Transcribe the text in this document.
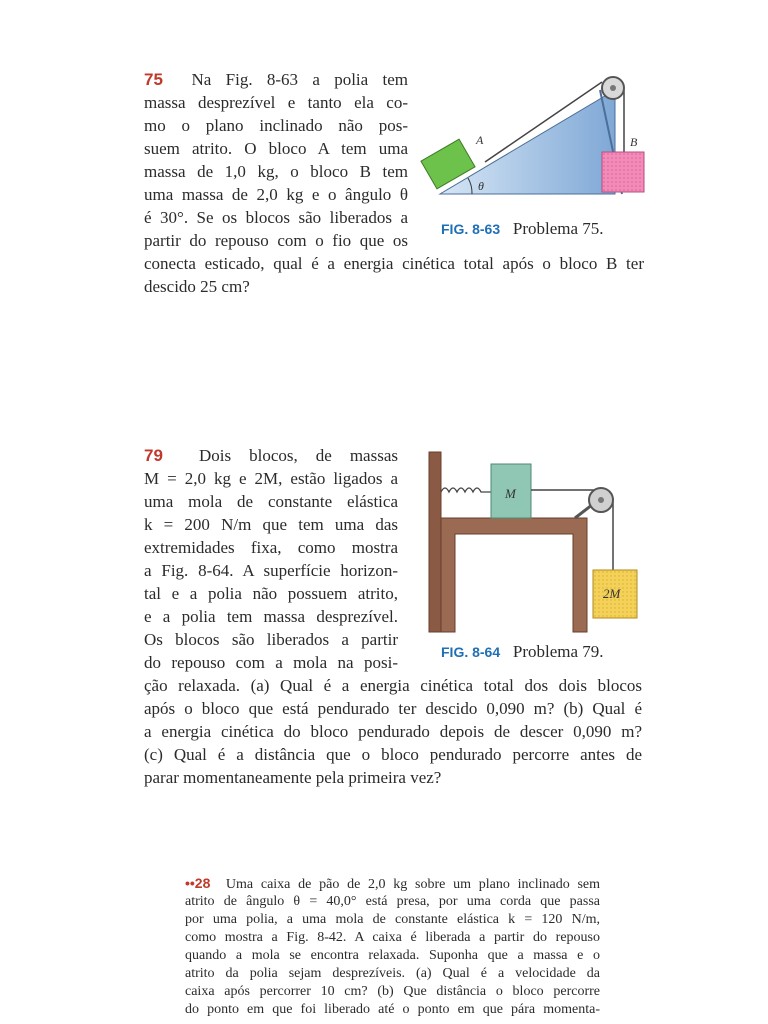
75 Na Fig. 8-63 a polia tem
massa desprezível e tanto ela co-
mo o plano inclinado não pos-
suem atrito. O bloco A tem uma
massa de 1,0 kg, o bloco B tem
uma massa de 2,0 kg e o ângulo θ
é 30°. Se os blocos são liberados a
partir do repouso com o fio que os
conecta esticado, qual é a energia cinética total após o bloco B ter
descido 25 cm?
A	B
θ
FIG. 8-63 Problema 75.
79 Dois blocos, de massas
M = 2,0 kg e 2M, estão ligados a
uma mola de constante elástica
k = 200 N/m que tem uma das
extremidades fixa, como mostra
a Fig. 8-64. A superfície horizon-
tal e a polia não possuem atrito,
e a polia tem massa desprezível.
Os blocos são liberados a partir
do repouso com a mola na posi-
ção relaxada. (a) Qual é a energia cinética total dos dois blocos
após o bloco que está pendurado ter descido 0,090 m? (b) Qual é
a energia cinética do bloco pendurado depois de descer 0,090 m?
(c) Qual é a distância que o bloco pendurado percorre antes de
parar momentaneamente pela primeira vez?
M
2M
FIG. 8-64 Problema 79.
••28 Uma caixa de pão de 2,0 kg sobre um plano inclinado sem
atrito de ângulo θ = 40,0° está presa, por uma corda que passa
por uma polia, a uma mola de constante elástica k = 120 N/m,
como mostra a Fig. 8-42. A caixa é liberada a partir do repouso
quando a mola se encontra relaxada. Suponha que a massa e o
atrito da polia sejam desprezíveis. (a) Qual é a velocidade da
caixa após percorrer 10 cm? (b) Que distância o bloco percorre
do ponto em que foi liberado até o ponto em que pára momenta-
